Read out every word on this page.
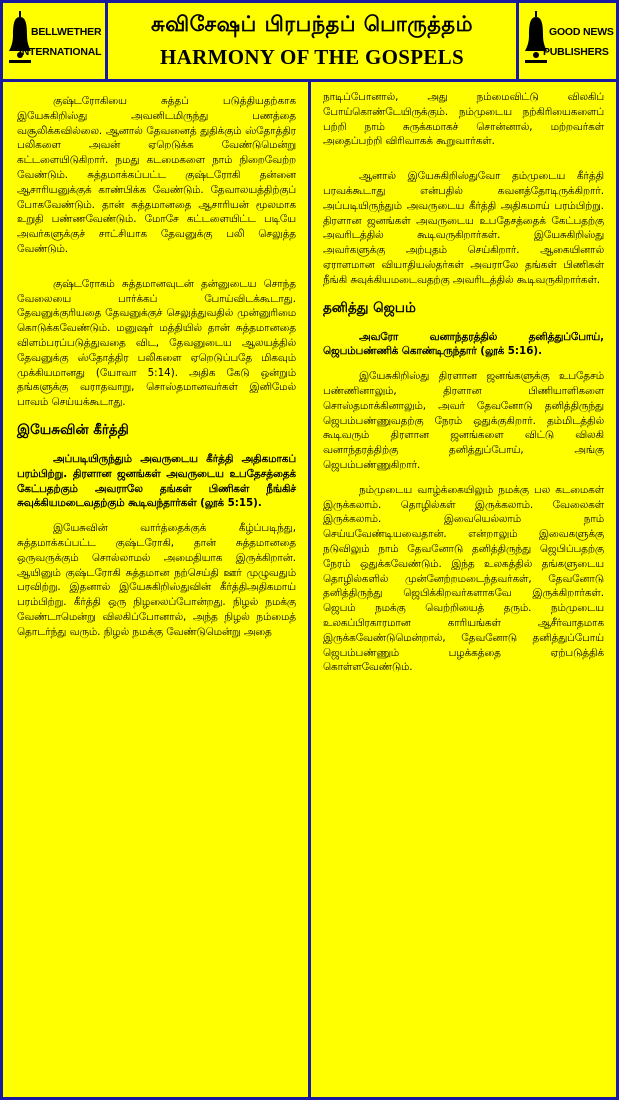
BELLWETHER
INTERNATIONAL
சுவிசேஷப் பிரபந்தப் பொருத்தம்
HARMONY OF THE GOSPELS
GOOD NEWS
PUBLISHERS

குஷ்டரோகியை சுத்தப் படுத்தியதற்காக இயேசுகிறிஸ்து அவனிடமிருந்து பணத்தை வசூலிக்கவில்லை. ஆனால் தேவனைத் துதிக்கும் ஸ்தோத்திர பலிகளை அவன் ஏறெடுக்க வேண்டுமென்று கட்டளையிடுகிறார். நமது கடமைகளை நாம் நிறைவேற்ற வேண்டும். சுத்தமாக்கப்பட்ட குஷ்டரோகி தன்னை ஆசாரியனுக்குக் காண்பிக்க வேண்டும். தேவாலயத்திற்குப் போகவேண்டும். தான் சுத்தமானதை ஆசாரியன் மூலமாக உறுதி பண்ணவேண்டும். மோசே கட்டளையிட்ட படியே அவர்களுக்குச் சாட்சியாக தேவனுக்கு பலி செலுத்த வேண்டும்.

குஷ்டரோகம் சுத்தமானவுடன் தன்னுடைய சொந்த வேலையை பார்க்கப் போய்விடக்கூடாது. தேவனுக்குரியதை தேவனுக்குச் செலுத்துவதில் முன்னுரிமை கொடுக்கவேண்டும். மனுஷர் மத்தியில் தான் சுத்தமானதை விளம்பரப்படுத்துவதை விட, தேவனுடைய ஆலயத்தில் தேவனுக்கு ஸ்தோத்திர பலிகளை ஏறெடுப்பதே மிகவும் முக்கியமானது (யோவா 5:14). அதிக கேடு ஒன்றும் தங்களுக்கு வராதவாறு, சொஸ்தமானவர்கள் இனிமேல் பாவம் செய்யக்கூடாது.

இயேசுவின் கீர்த்தி

அப்படியிருந்தும் அவருடைய கீர்த்தி அதிகமாகப் பரம்பிற்று. திரளான ஜனங்கள் அவருடைய உபதேசத்தைக் கேட்பதற்கும் அவராலே தங்கள் பிணிகள் நீங்கிச் சுவுக்கியமடைவதற்கும் கூடிவந்தார்கள் (லூக் 5:15).

இயேசுவின் வார்த்தைக்குக் கீழ்ப்படிந்து, சுத்தமாக்கப்பட்ட குஷ்டரோகி, தான் சுத்தமானதை ஒருவருக்கும் சொல்லாமல் அமைதியாக இருக்கிறான். ஆயினும் குஷ்டரோகி சுத்தமான நற்செய்தி ஊர் முழுவதும் பரவிற்று. இதனால் இயேசுகிறிஸ்துவின் கீர்த்திஅதிகமாய் பரம்பிற்று. கீர்த்தி ஒரு நிழலைப்போன்றது. நிழல் நமக்கு வேண்டாமென்று விலகிப்போனால், அந்த நிழல் நம்மைத் தொடர்ந்து வரும். நிழல் நமக்கு வேண்டுமென்று அதை

நாடிப்போனால், அது நம்மைவிட்டு விலகிப் போய்கொண்டேயிருக்கும். நம்முடைய நற்கிரியைகளைப் பற்றி நாம் சுருக்கமாகச் சொன்னால், மற்றவர்கள் அதைப்பற்றி விரிவாகக் கூறுவார்கள்.

ஆனால் இயேசுகிறிஸ்துவோ தம்முடைய கீர்த்தி பரவக்கூடாது என்பதில் கவனத்தோடிருக்கிறார். அப்படியிருந்தும் அவருடைய கீர்த்தி அதிகமாய் பரம்பிற்று. திரளான ஜனங்கள் அவருடைய உபதேசத்தைக் கேட்பதற்கு அவரிடத்தில் கூடிவருகிறார்கள். இயேசுகிறிஸ்து அவர்களுக்கு அற்புதம் செய்கிறார். ஆகையினால் ஏராளமான வியாதியஸ்தர்கள் அவராலே தங்கள் பிணிகள் நீங்கி சுவுக்கியமடைவதற்கு அவரிடத்தில் கூடிவருகிறார்கள்.

தனித்து ஜெபம்

அவரோ வனாந்தரத்தில் தனித்துப்போய், ஜெபம்பண்ணிக் கொண்டிருந்தார் (லூக் 5:16).

இயேசுகிறிஸ்து திரளான ஜனங்களுக்கு உபதேசம் பண்ணினாலும், திரளான பிணியாளிகளை சொஸ்தமாக்கினாலும், அவர் தேவனோடு தனித்திருந்து ஜெபம்பண்ணுவதற்கு நேரம் ஒதுக்குகிறார். தம்மிடத்தில் கூடிவரும் திரளான ஜனங்களை விட்டு விலகி வனாந்தரத்திற்கு தனித்துப்போய், அங்கு ஜெபம்பண்ணுகிறார்.

நம்முடைய வாழ்க்கையிலும் நமக்கு பல கடமைகள் இருக்கலாம். தொழில்கள் இருக்கலாம். வேலைகள் இருக்கலாம். இவையெல்லாம் நாம் செய்யவேண்டியவைதான். என்றாலும் இவைகளுக்கு நடுவிலும் நாம் தேவனோடு தனித்திருந்து ஜெபிப்பதற்கு நேரம் ஒதுக்கவேண்டும். இந்த உலகத்தில் தங்களுடைய தொழில்களில் முன்னேற்றமடைந்தவர்கள், தேவனோடு தனித்திருந்து ஜெபிக்கிறவர்களாகவே இருக்கிறார்கள். ஜெபம் நமக்கு வெற்றியைத் தரும். நம்முடைய உலகப்பிரகாரமான காரியங்கள் ஆசீர்வாதமாக இருக்கவேண்டுமென்றால், தேவனோடு தனித்துப்போய் ஜெபம்பண்ணும் பழக்கத்தை ஏற்படுத்திக் கொள்ளவேண்டும்.
